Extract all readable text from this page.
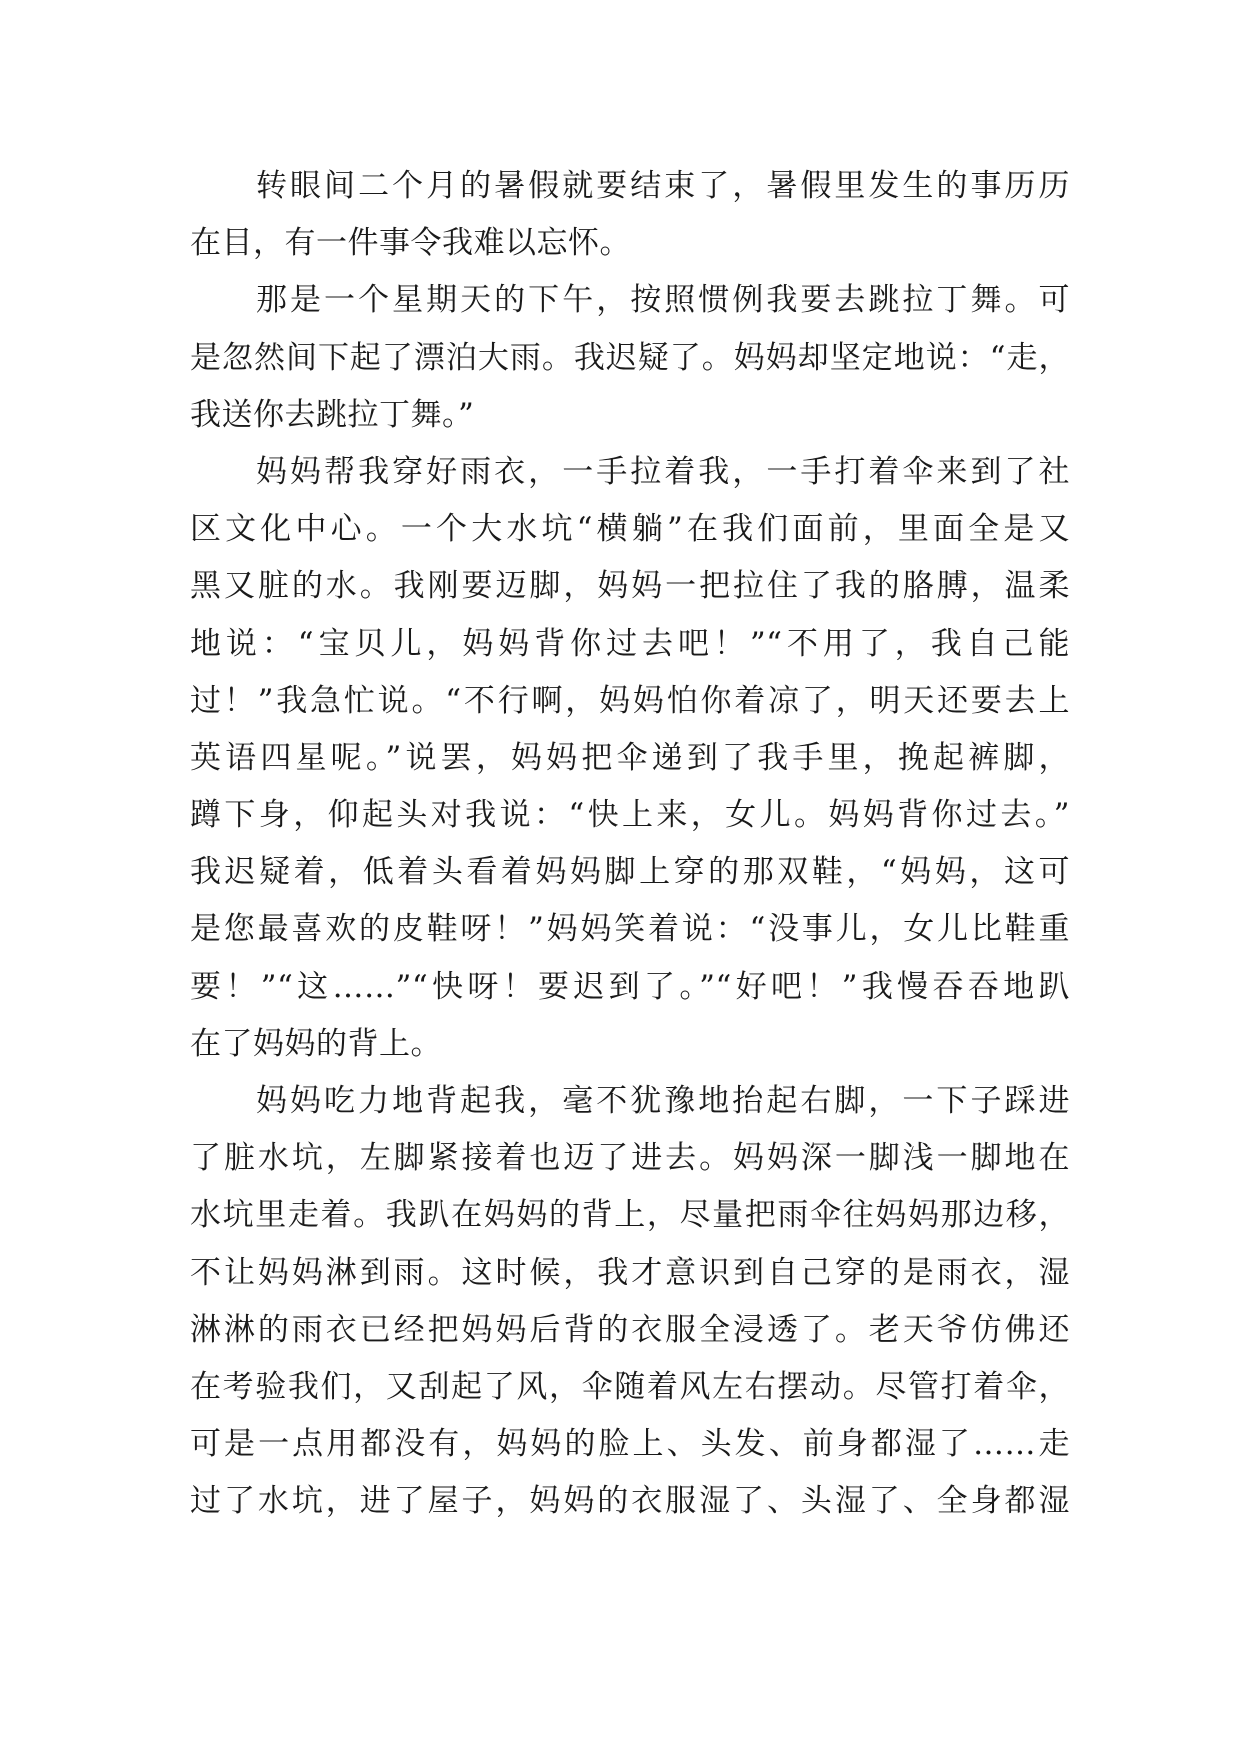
转眼间二个月的暑假就要结束了，暑假里发生的事历历
在目，有一件事令我难以忘怀。
那是一个星期天的下午，按照惯例我要去跳拉丁舞。可
是忽然间下起了漂泊大雨。我迟疑了。妈妈却坚定地说：“走，
我送你去跳拉丁舞。”
妈妈帮我穿好雨衣，一手拉着我，一手打着伞来到了社
区文化中心。一个大水坑“横躺”在我们面前，里面全是又
黑又脏的水。我刚要迈脚，妈妈一把拉住了我的胳膊，温柔
地说：“宝贝儿，妈妈背你过去吧！”“不用了，我自己能
过！”我急忙说。“不行啊，妈妈怕你着凉了，明天还要去上
英语四星呢。”说罢，妈妈把伞递到了我手里，挽起裤脚，
蹲下身，仰起头对我说：“快上来，女儿。妈妈背你过去。”
我迟疑着，低着头看着妈妈脚上穿的那双鞋，“妈妈，这可
是您最喜欢的皮鞋呀！”妈妈笑着说：“没事儿，女儿比鞋重
要！”“这……”“快呀！要迟到了。”“好吧！”我慢吞吞地趴
在了妈妈的背上。
妈妈吃力地背起我，毫不犹豫地抬起右脚，一下子踩进
了脏水坑，左脚紧接着也迈了进去。妈妈深一脚浅一脚地在
水坑里走着。我趴在妈妈的背上，尽量把雨伞往妈妈那边移，
不让妈妈淋到雨。这时候，我才意识到自己穿的是雨衣，湿
淋淋的雨衣已经把妈妈后背的衣服全浸透了。老天爷仿佛还
在考验我们，又刮起了风，伞随着风左右摆动。尽管打着伞，
可是一点用都没有，妈妈的脸上、头发、前身都湿了……走
过了水坑，进了屋子，妈妈的衣服湿了、头湿了、全身都湿
